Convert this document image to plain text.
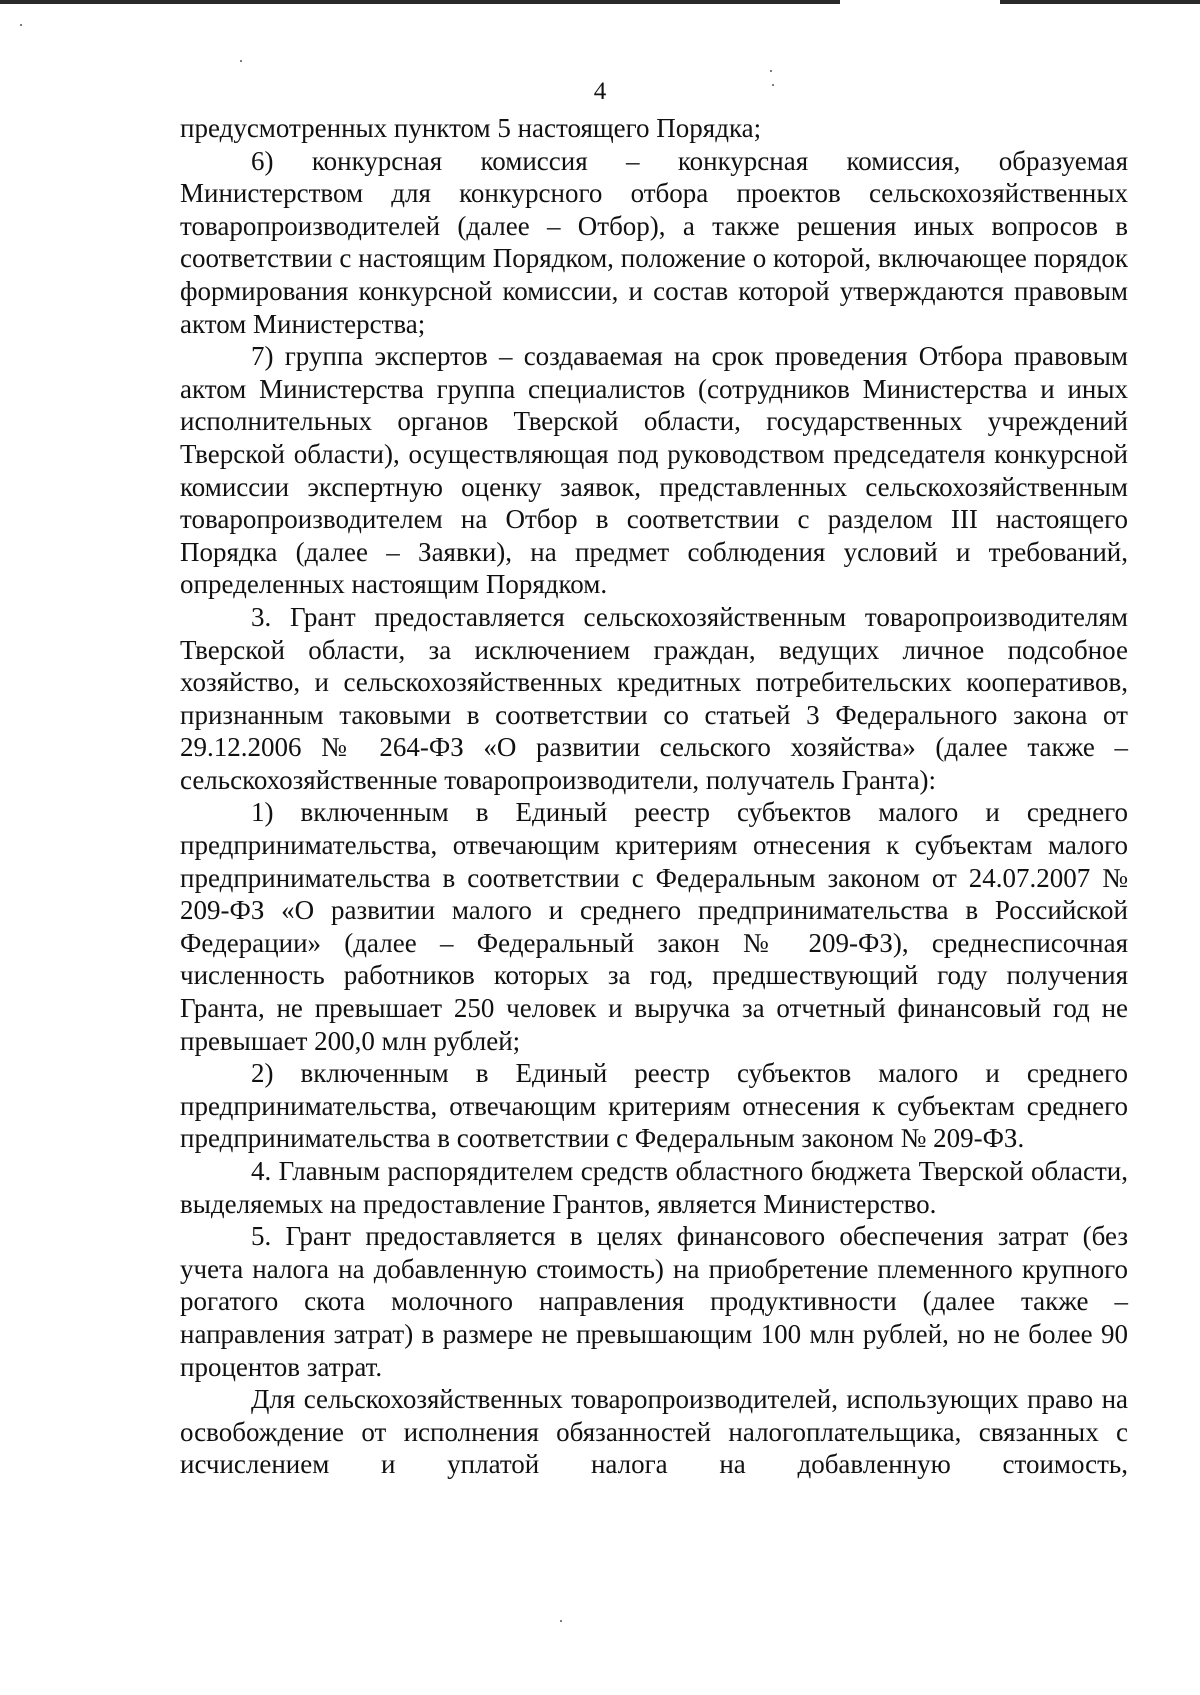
4

предусмотренных пунктом 5 настоящего Порядка;

6) конкурсная комиссия – конкурсная комиссия, образуемая Министерством для конкурсного отбора проектов сельскохозяйственных товаропроизводителей (далее – Отбор), а также решения иных вопросов в соответствии с настоящим Порядком, положение о которой, включающее порядок формирования конкурсной комиссии, и состав которой утверждаются правовым актом Министерства;

7) группа экспертов – создаваемая на срок проведения Отбора правовым актом Министерства группа специалистов (сотрудников Министерства и иных исполнительных органов Тверской области, государственных учреждений Тверской области), осуществляющая под руководством председателя конкурсной комиссии экспертную оценку заявок, представленных сельскохозяйственным товаропроизводителем на Отбор в соответствии с разделом III настоящего Порядка (далее – Заявки), на предмет соблюдения условий и требований, определенных настоящим Порядком.

3. Грант предоставляется сельскохозяйственным товаропроизводителям Тверской области, за исключением граждан, ведущих личное подсобное хозяйство, и сельскохозяйственных кредитных потребительских кооперативов, признанным таковыми в соответствии со статьей 3 Федерального закона от 29.12.2006 № 264-ФЗ «О развитии сельского хозяйства» (далее также – сельскохозяйственные товаропроизводители, получатель Гранта):

1) включенным в Единый реестр субъектов малого и среднего предпринимательства, отвечающим критериям отнесения к субъектам малого предпринимательства в соответствии с Федеральным законом от 24.07.2007 № 209-ФЗ «О развитии малого и среднего предпринимательства в Российской Федерации» (далее – Федеральный закон № 209-ФЗ), среднесписочная численность работников которых за год, предшествующий году получения Гранта, не превышает 250 человек и выручка за отчетный финансовый год не превышает 200,0 млн рублей;

2) включенным в Единый реестр субъектов малого и среднего предпринимательства, отвечающим критериям отнесения к субъектам среднего предпринимательства в соответствии с Федеральным законом № 209-ФЗ.

4. Главным распорядителем средств областного бюджета Тверской области, выделяемых на предоставление Грантов, является Министерство.

5. Грант предоставляется в целях финансового обеспечения затрат (без учета налога на добавленную стоимость) на приобретение племенного крупного рогатого скота молочного направления продуктивности (далее также – направления затрат) в размере не превышающим 100 млн рублей, но не более 90 процентов затрат.

Для сельскохозяйственных товаропроизводителей, использующих право на освобождение от исполнения обязанностей налогоплательщика, связанных с исчислением и уплатой налога на добавленную стоимость,
